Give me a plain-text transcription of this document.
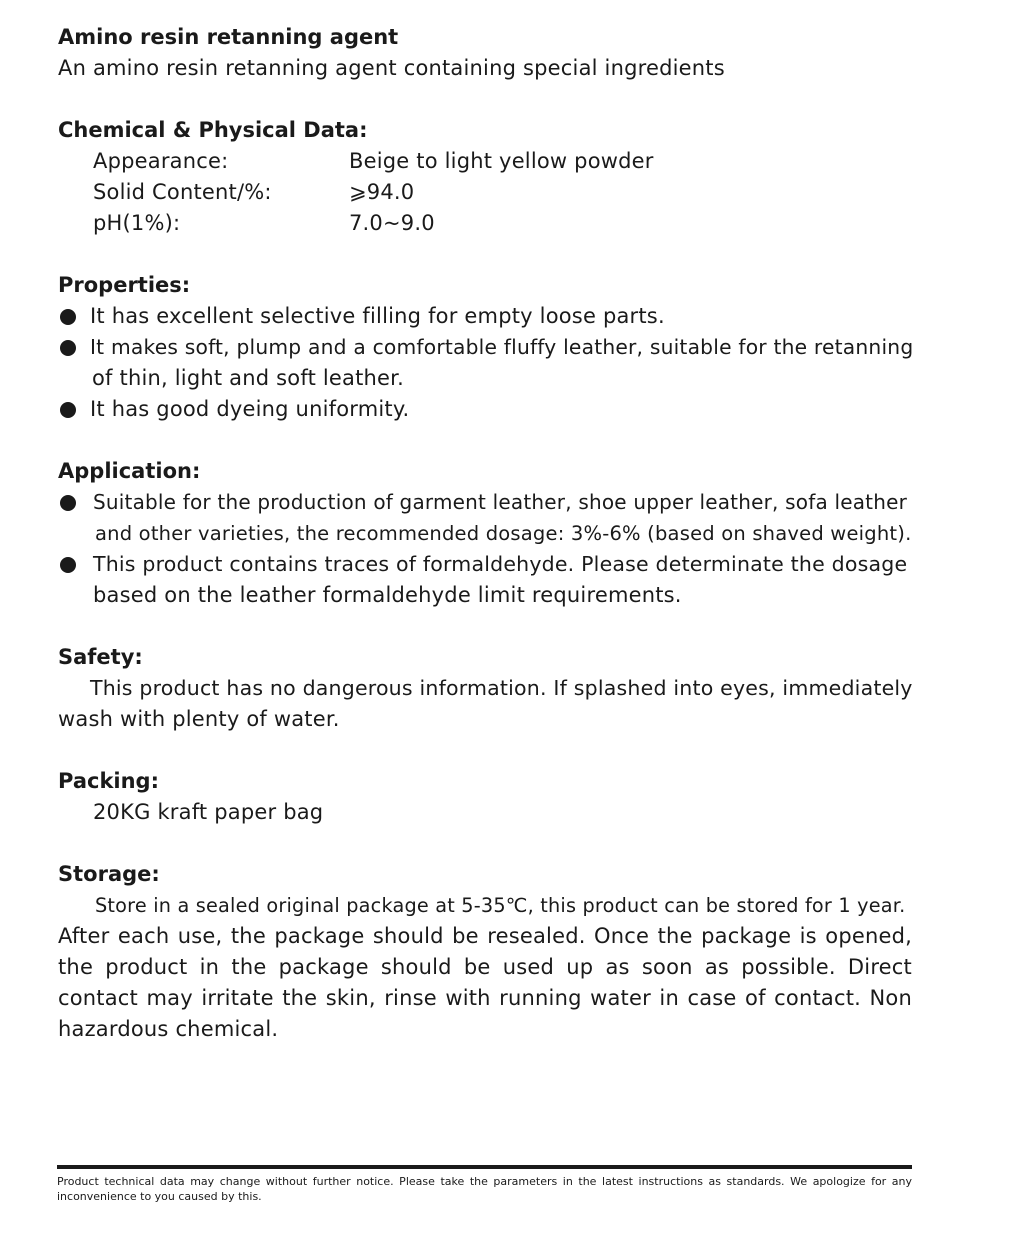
Amino resin retanning agent
An amino resin retanning agent containing special ingredients
Chemical & Physical Data:
Appearance:	Beige to light yellow powder
Solid Content/%:	⩾94.0
pH(1%):	7.0~9.0
Properties:
It has excellent selective filling for empty loose parts.
It makes soft, plump and a comfortable fluffy leather, suitable for the retanning
of thin, light and soft leather.
It has good dyeing uniformity.
Application:
Suitable for the production of garment leather, shoe upper leather, sofa leather
and other varieties, the recommended dosage: 3%-6% (based on shaved weight).
This product contains traces of formaldehyde. Please determinate the dosage
based on the leather formaldehyde limit requirements.
Safety:
This product has no dangerous information. If splashed into eyes, immediately
wash with plenty of water.
Packing:
20KG kraft paper bag
Storage:
Store in a sealed original package at 5-35℃, this product can be stored for 1 year.
After each use, the package should be resealed. Once the package is opened,
the product in the package should be used up as soon as possible. Direct
contact may irritate the skin, rinse with running water in case of contact. Non
hazardous chemical.
Product technical data may change without further notice. Please take the parameters in the latest instructions as standards. We apologize for any
inconvenience to you caused by this.
